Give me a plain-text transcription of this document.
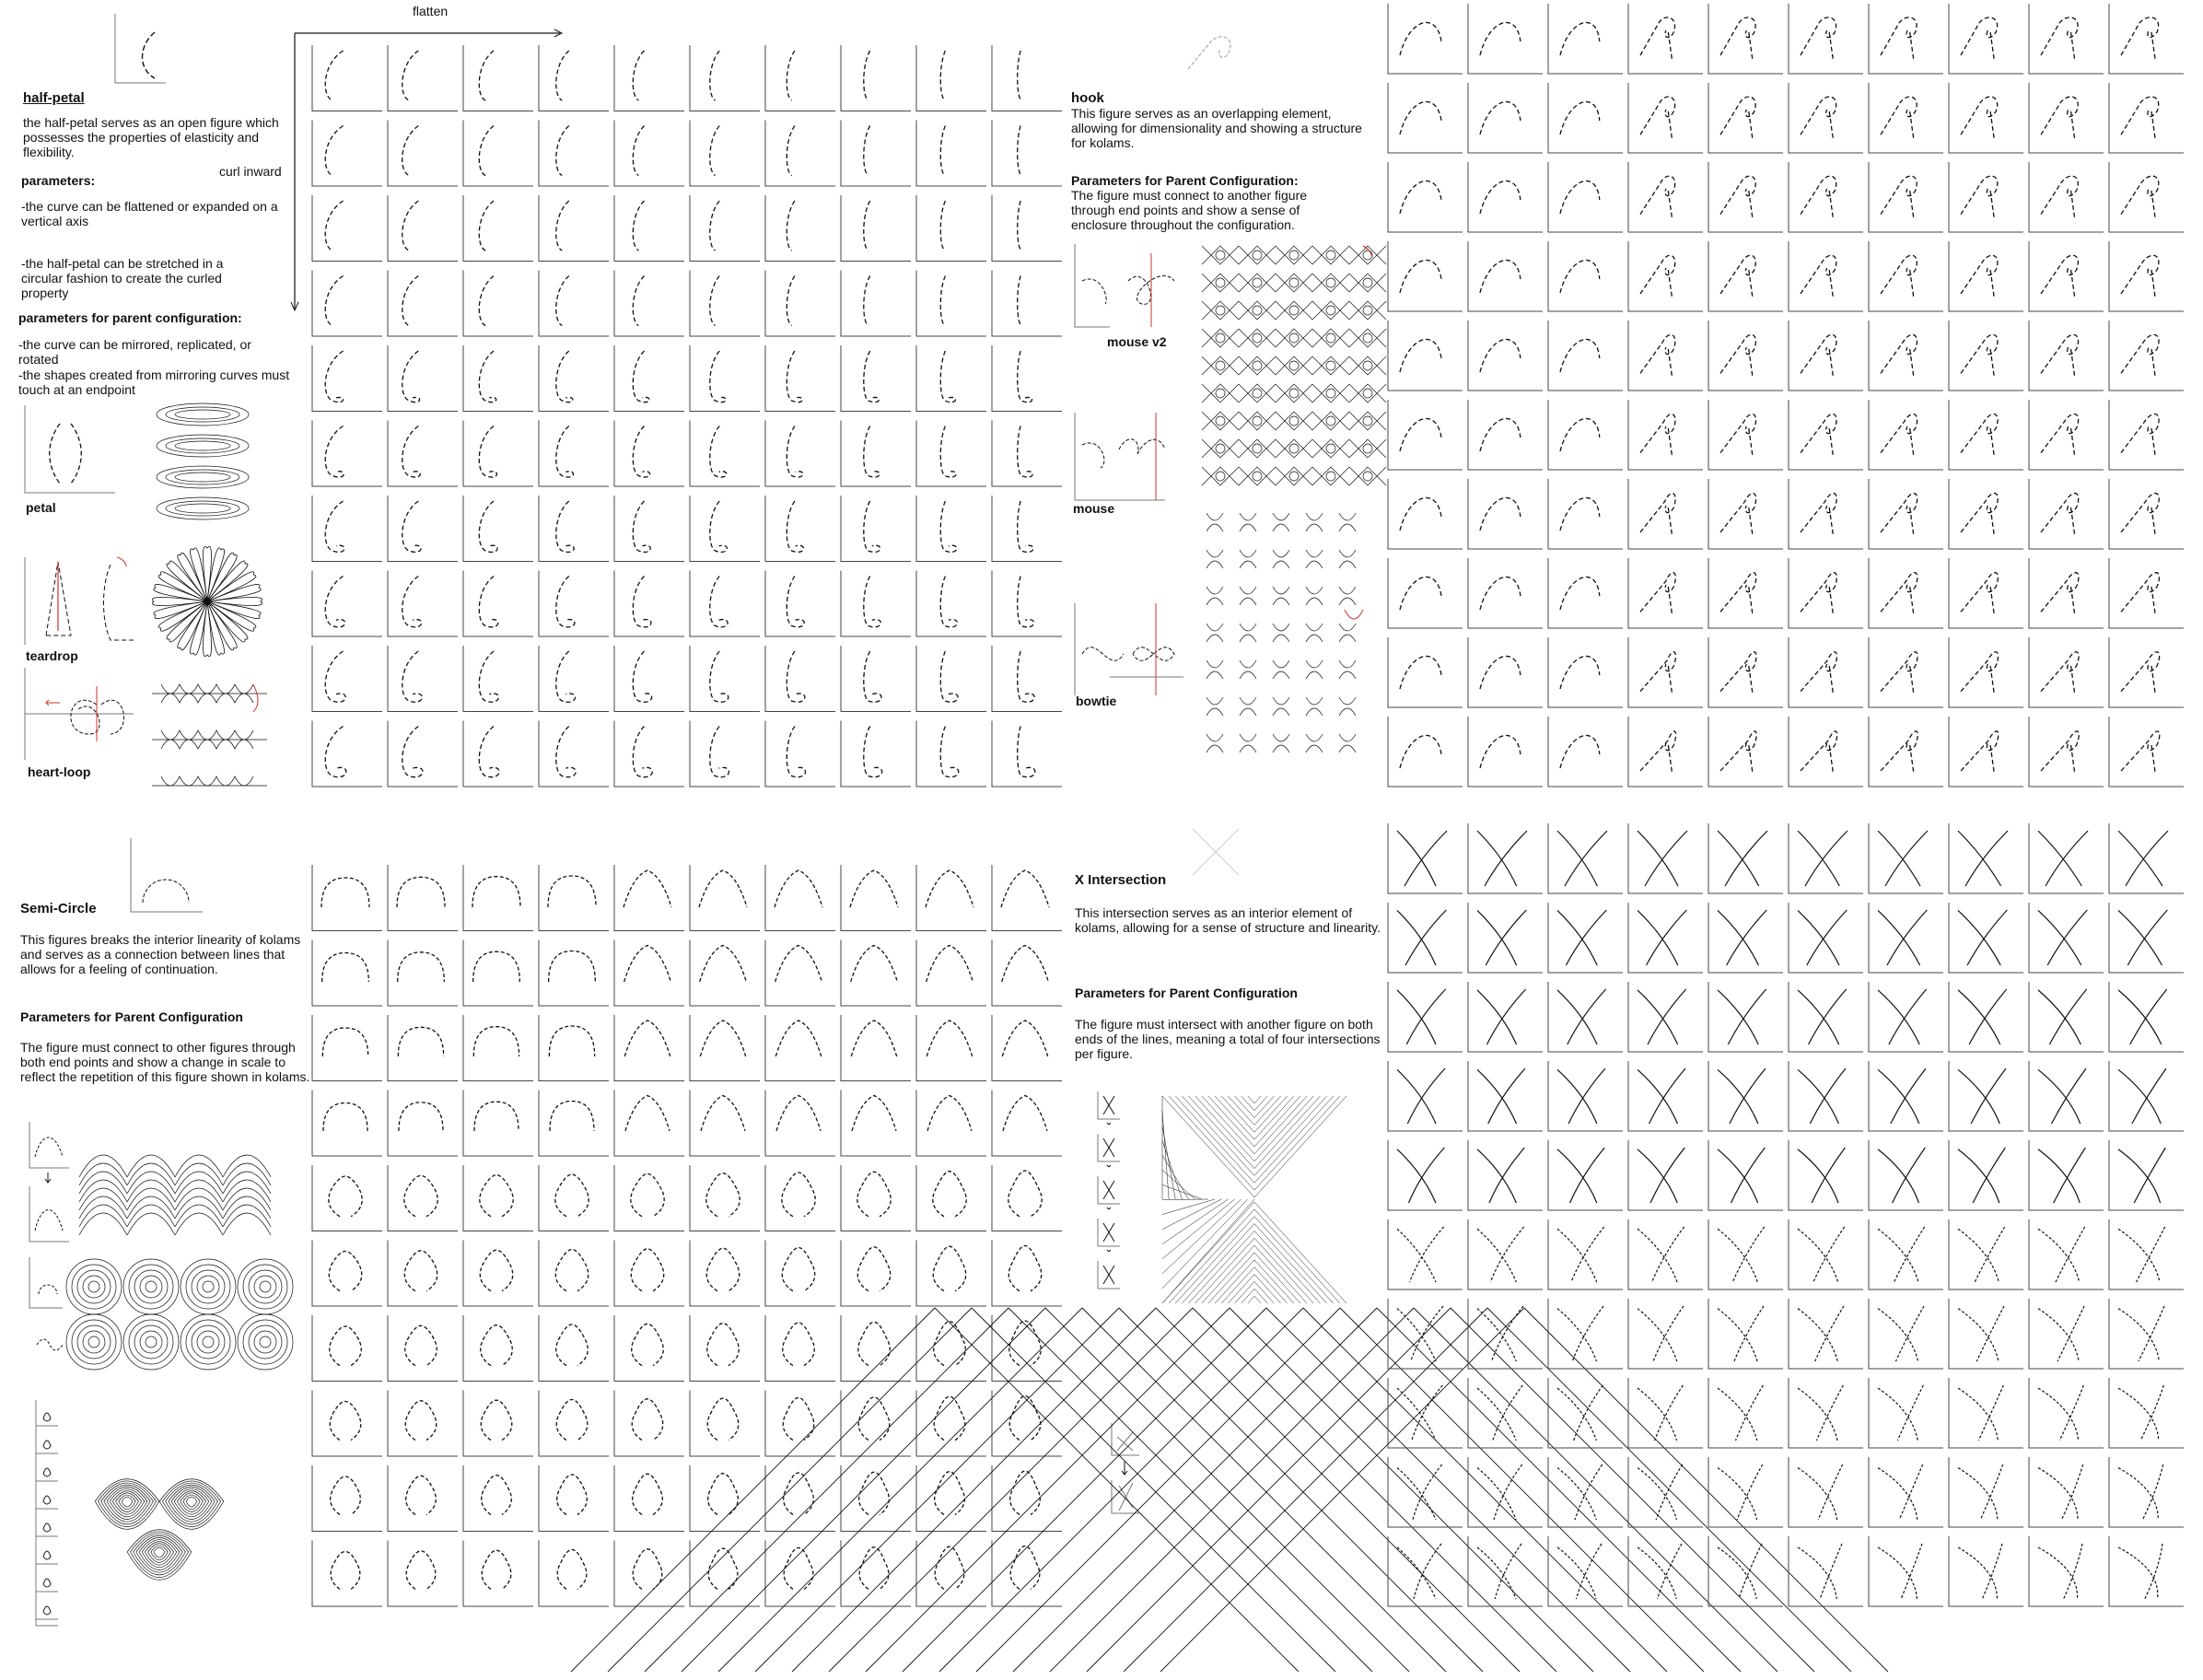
half-petal
the half-petal serves as an open figure which possesses the properties of elasticity and flexibility.
parameters:
-the curve can be flattened or expanded on a vertical axis
-the half-petal can be stretched in a circular fashion to create the curled property
parameters for parent configuration:
-the curve can be mirrored, replicated, or rotated
-the shapes created from mirroring curves must touch at an endpoint
curl inward
flatten
petal
teardrop
heart-loop
hook
This figure serves as an overlapping element, allowing for dimensionality and showing a structure for kolams.
Parameters for Parent Configuration:
The figure must connect to another figure through end points and show a sense of enclosure throughout the configuration.
mouse v2
mouse
bowtie
Semi-Circle
This figures breaks the interior linearity of kolams and serves as a connection between lines that allows for a feeling of continuation.
Parameters for Parent Configuration
The figure must connect to other figures through both end points and show a change in scale to reflect the repetition of this figure shown in kolams.
X Intersection
This intersection serves as an interior element of kolams, allowing for a sense of structure and linearity.
Parameters for Parent Configuration
The figure must intersect with another figure on both ends of the lines, meaning a total of four intersections per figure.
